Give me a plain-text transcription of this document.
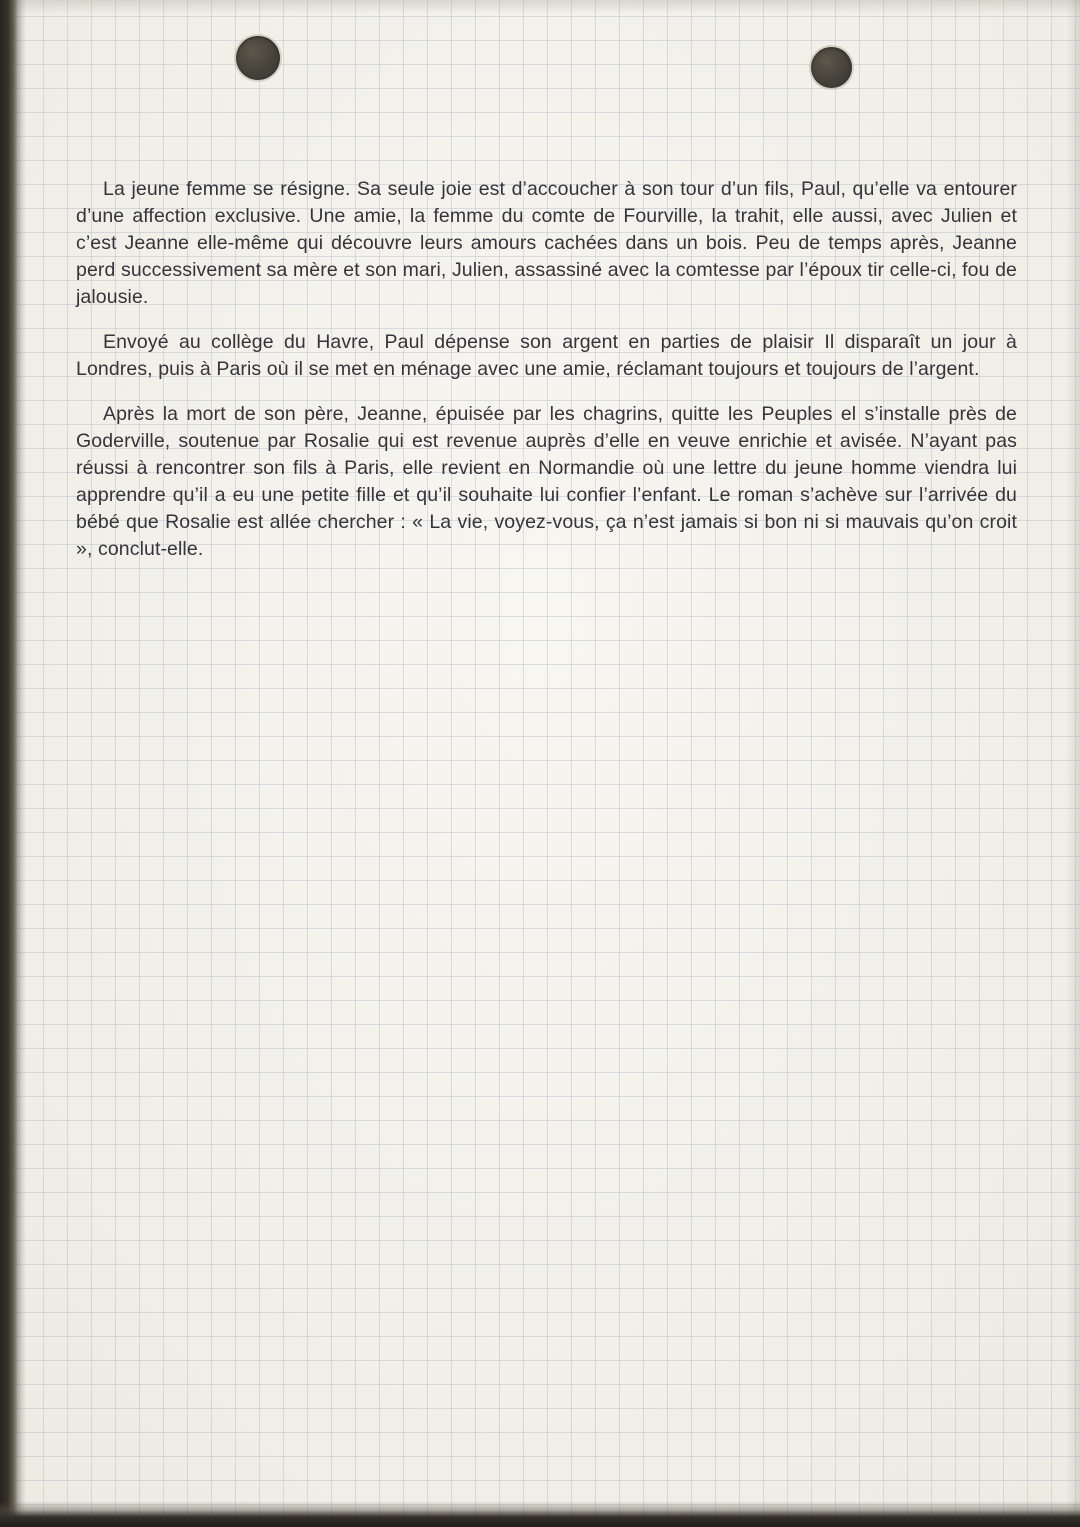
La jeune femme se résigne. Sa seule joie est d’accoucher à son tour d’un fils, Paul, qu’elle va entourer d’une affection exclusive. Une amie, la femme du comte de Fourville, la trahit, elle aussi, avec Julien et c’est Jeanne elle-même qui découvre leurs amours cachées dans un bois. Peu de temps après, Jeanne perd successivement sa mère et son mari, Julien, assassiné avec la comtesse par l’époux tir celle-ci, fou de jalousie.

Envoyé au collège du Havre, Paul dépense son argent en parties de plaisir Il disparaît un jour à Londres, puis à Paris où il se met en ménage avec une amie, réclamant toujours et toujours de l’argent.

Après la mort de son père, Jeanne, épuisée par les chagrins, quitte les Peuples el s’installe près de Goderville, soutenue par Rosalie qui est revenue auprès d’elle en veuve enrichie et avisée. N’ayant pas réussi à rencontrer son fils à Paris, elle revient en Normandie où une lettre du jeune homme viendra lui apprendre qu’il a eu une petite fille et qu’il souhaite lui confier l’enfant. Le roman s’achève sur l’arrivée du bébé que Rosalie est allée chercher : « La vie, voyez-vous, ça n’est jamais si bon ni si mauvais qu’on croit », conclut-elle.
